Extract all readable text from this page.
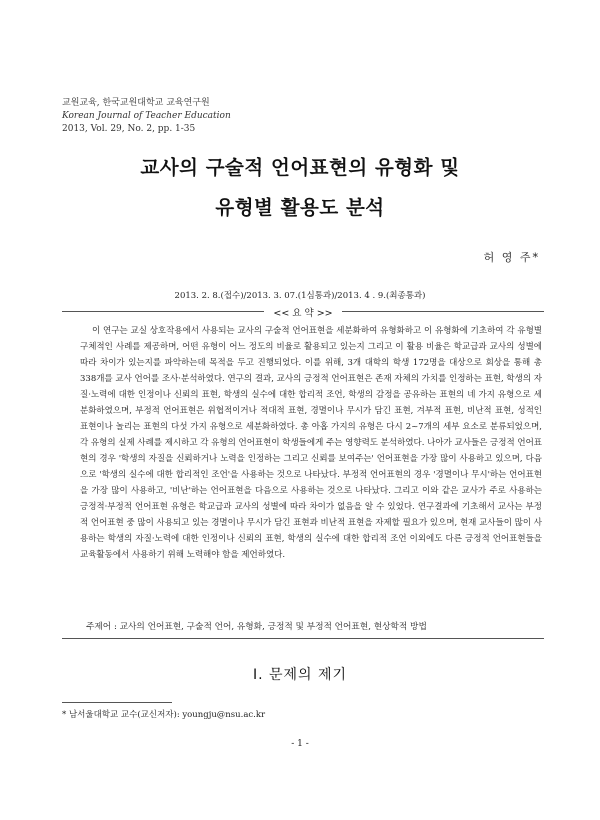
교원교육, 한국교원대학교 교육연구원
Korean Journal of Teacher Education
2013, Vol. 29, No. 2, pp. 1-35
교사의 구술적 언어표현의 유형화 및
유형별 활용도 분석
허 영 주*
2013. 2. 8.(접수)/2013. 3. 07.(1심통과)/2013. 4 . 9.(최종통과)
<< 요 약 >>

이 연구는 교실 상호작용에서 사용되는 교사의 구술적 언어표현을 세분화하여 유형화하고 이 유형화에 기초하여 각 유형별 구체적인 사례를 제공하며, 어떤 유형이 어느 정도의 비율로 활용되고 있는지 그리고 이 활용 비율은 학교급과 교사의 성별에 따라 차이가 있는지를 파악하는데 목적을 두고 진행되었다. 이를 위해, 3개 대학의 학생 172명을 대상으로 회상을 통해 총 338개를 교사 언어를 조사·분석하였다. 연구의 결과, 교사의 긍정적 언어표현은 존재 자체의 가치를 인정하는 표현, 학생의 자질·노력에 대한 인정이나 신뢰의 표현, 학생의 실수에 대한 합리적 조언, 학생의 감정을 공유하는 표현의 네 가지 유형으로 세분화하였으며, 부정적 언어표현은 위협적이거나 적대적 표현, 경멸이나 무시가 담긴 표현, 겨부적 표현, 비난적 표현, 성적인 표현이나 놀리는 표현의 다섯 가지 유형으로 세분화하였다. 총 아홉 가지의 유형은 다시 2~7개의 세부 요소로 분류되었으며, 각 유형의 실제 사례를 제시하고 각 유형의 언어표현이 학생들에게 주는 영향력도 분석하였다. 나아가 교사들은 긍정적 언어표현의 경우 '학생의 자질을 신뢰하거나 노력을 인정하는 그리고 신뢰를 보여주는' 언어표현을 가장 많이 사용하고 있으며, 다음으로 '학생의 실수에 대한 합리적인 조언'을 사용하는 것으로 나타났다. 부정적 언어표현의 경우 '경멸이나 무시'하는 언어표현을 가장 많이 사용하고, '비난'하는 언어표현을 다음으로 사용하는 것으로 나타났다. 그리고 이와 같은 교사가 주로 사용하는 긍정적·부정적 언어표현 유형은 학교급과 교사의 성별에 따라 차이가 없음을 알 수 있었다. 연구결과에 기초해서 교사는 부정적 언어표현 중 많이 사용되고 있는 경멸이나 무시가 담긴 표현과 비난적 표현을 자제할 필요가 있으며, 현재 교사들이 많이 사용하는 학생의 자질·노력에 대한 인정이나 신뢰의 표현, 학생의 실수에 대한 합리적 조언 이외에도 다른 긍정적 언어표현들을 교육활동에서 사용하기 위해 노력해야 함을 제언하였다.

주제어 : 교사의 언어표현, 구술적 언어, 유형화, 긍정적 및 부정적 언어표현, 현상학적 방법
Ⅰ. 문제의 제기
* 남서울대학교 교수(교신저자): youngju@nsu.ac.kr
- 1 -
